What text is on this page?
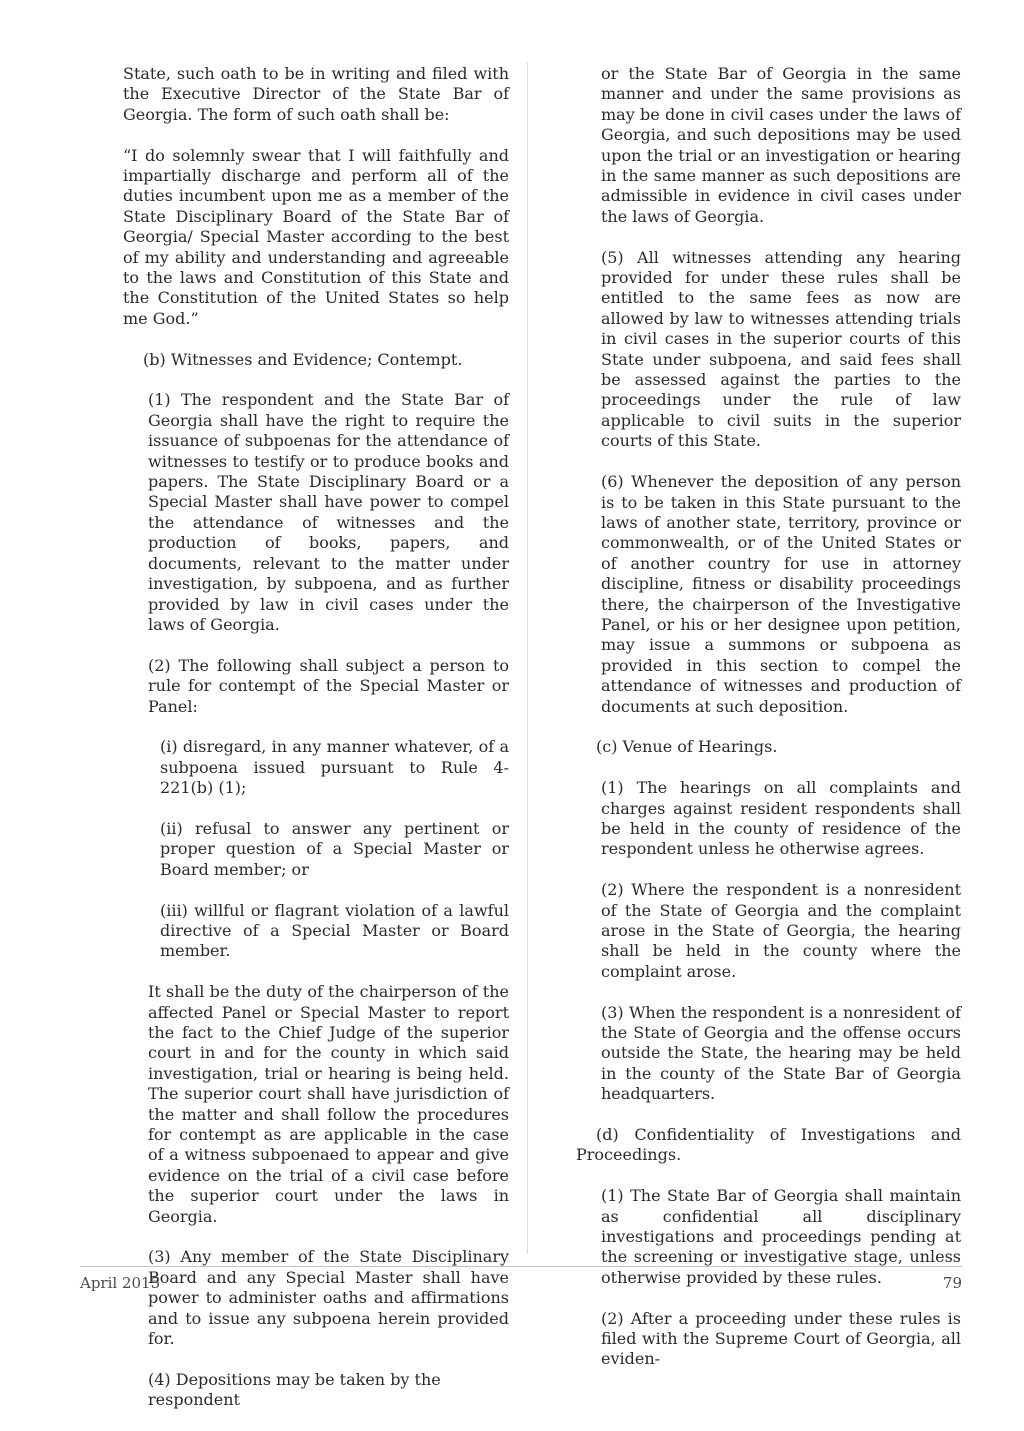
State, such oath to be in writing and filed with the Executive Director of the State Bar of Georgia. The form of such oath shall be:

“I do solemnly swear that I will faithfully and impartially discharge and perform all of the duties incumbent upon me as a member of the State Disciplinary Board of the State Bar of Georgia/ Special Master according to the best of my ability and understanding and agreeable to the laws and Constitution of this State and the Constitution of the United States so help me God.”

(b) Witnesses and Evidence; Contempt.

(1) The respondent and the State Bar of Georgia shall have the right to require the issuance of subpoenas for the attendance of witnesses to testify or to produce books and papers. The State Disciplinary Board or a Special Master shall have power to compel the attendance of witnesses and the production of books, papers, and documents, relevant to the matter under investigation, by subpoena, and as further provided by law in civil cases under the laws of Georgia.

(2) The following shall subject a person to rule for contempt of the Special Master or Panel:

(i) disregard, in any manner whatever, of a subpoena issued pursuant to Rule 4-221(b) (1);

(ii) refusal to answer any pertinent or proper question of a Special Master or Board member; or

(iii) willful or flagrant violation of a lawful directive of a Special Master or Board member.

It shall be the duty of the chairperson of the affected Panel or Special Master to report the fact to the Chief Judge of the superior court in and for the county in which said investigation, trial or hearing is being held. The superior court shall have jurisdiction of the matter and shall follow the procedures for contempt as are applicable in the case of a witness subpoenaed to appear and give evidence on the trial of a civil case before the superior court under the laws in Georgia.

(3) Any member of the State Disciplinary Board and any Special Master shall have power to administer oaths and affirmations and to issue any subpoena herein provided for.

(4) Depositions may be taken by the respondent

or the State Bar of Georgia in the same manner and under the same provisions as may be done in civil cases under the laws of Georgia, and such depositions may be used upon the trial or an investigation or hearing in the same manner as such depositions are admissible in evidence in civil cases under the laws of Georgia.

(5) All witnesses attending any hearing provided for under these rules shall be entitled to the same fees as now are allowed by law to witnesses attending trials in civil cases in the superior courts of this State under subpoena, and said fees shall be assessed against the parties to the proceedings under the rule of law applicable to civil suits in the superior courts of this State.

(6) Whenever the deposition of any person is to be taken in this State pursuant to the laws of another state, territory, province or commonwealth, or of the United States or of another country for use in attorney discipline, fitness or disability proceedings there, the chairperson of the Investigative Panel, or his or her designee upon petition, may issue a summons or subpoena as provided in this section to compel the attendance of witnesses and production of documents at such deposition.

(c) Venue of Hearings.

(1) The hearings on all complaints and charges against resident respondents shall be held in the county of residence of the respondent unless he otherwise agrees.

(2) Where the respondent is a nonresident of the State of Georgia and the complaint arose in the State of Georgia, the hearing shall be held in the county where the complaint arose.

(3) When the respondent is a nonresident of the State of Georgia and the offense occurs outside the State, the hearing may be held in the county of the State Bar of Georgia headquarters.

(d) Confidentiality of Investigations and Proceedings.

(1) The State Bar of Georgia shall maintain as confidential all disciplinary investigations and proceedings pending at the screening or investigative stage, unless otherwise provided by these rules.

(2) After a proceeding under these rules is filed with the Supreme Court of Georgia, all eviden-

April 2015	79
